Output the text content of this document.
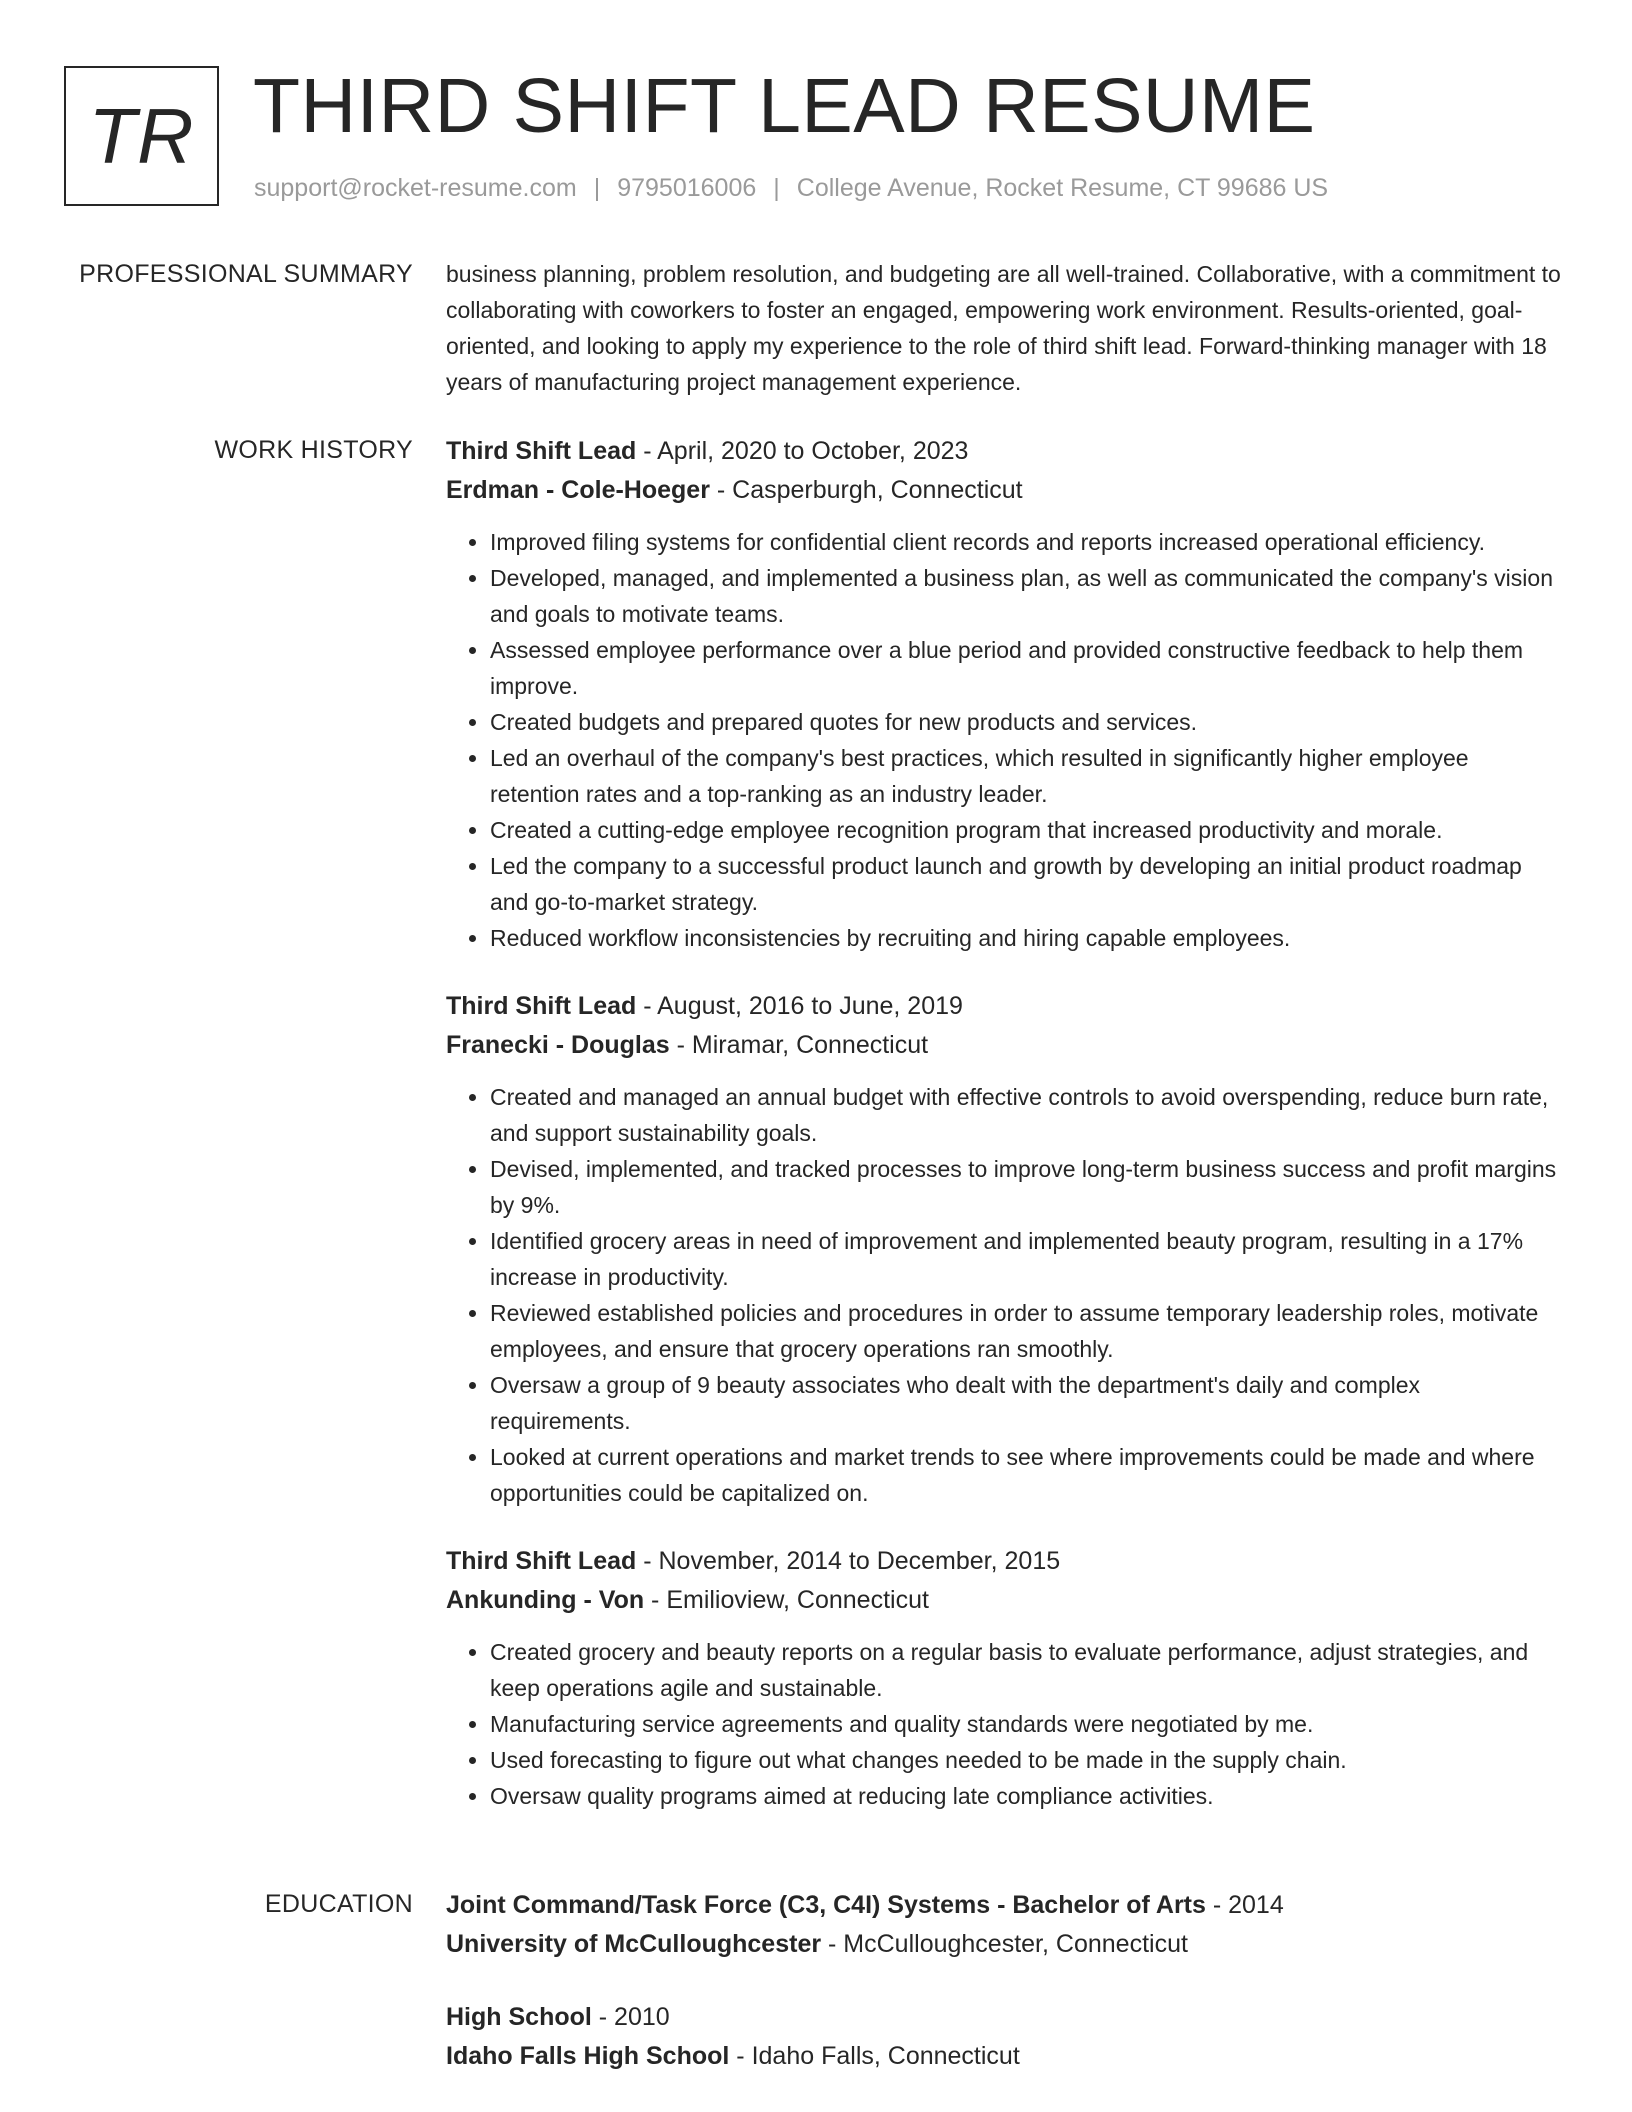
TR THIRD SHIFT LEAD RESUME
support@rocket-resume.com | 9795016006 | College Avenue, Rocket Resume, CT 99686 US
PROFESSIONAL SUMMARY business planning, problem resolution, and budgeting are all well-trained. Collaborative, with a commitment to collaborating with coworkers to foster an engaged, empowering work environment. Results-oriented, goal-oriented, and looking to apply my experience to the role of third shift lead. Forward-thinking manager with 18 years of manufacturing project management experience.

WORK HISTORY Third Shift Lead - April, 2020 to October, 2023
Erdman - Cole-Hoeger - Casperburgh, Connecticut
• Improved filing systems for confidential client records and reports increased operational efficiency.
• Developed, managed, and implemented a business plan, as well as communicated the company's vision and goals to motivate teams.
• Assessed employee performance over a blue period and provided constructive feedback to help them improve.
• Created budgets and prepared quotes for new products and services.
• Led an overhaul of the company's best practices, which resulted in significantly higher employee retention rates and a top-ranking as an industry leader.
• Created a cutting-edge employee recognition program that increased productivity and morale.
• Led the company to a successful product launch and growth by developing an initial product roadmap and go-to-market strategy.
• Reduced workflow inconsistencies by recruiting and hiring capable employees.
Third Shift Lead - August, 2016 to June, 2019
Franecki - Douglas - Miramar, Connecticut
• Created and managed an annual budget with effective controls to avoid overspending, reduce burn rate, and support sustainability goals.
• Devised, implemented, and tracked processes to improve long-term business success and profit margins by 9%.
• Identified grocery areas in need of improvement and implemented beauty program, resulting in a 17% increase in productivity.
• Reviewed established policies and procedures in order to assume temporary leadership roles, motivate employees, and ensure that grocery operations ran smoothly.
• Oversaw a group of 9 beauty associates who dealt with the department's daily and complex requirements.
• Looked at current operations and market trends to see where improvements could be made and where opportunities could be capitalized on.
Third Shift Lead - November, 2014 to December, 2015
Ankunding - Von - Emilioview, Connecticut
• Created grocery and beauty reports on a regular basis to evaluate performance, adjust strategies, and keep operations agile and sustainable.
• Manufacturing service agreements and quality standards were negotiated by me.
• Used forecasting to figure out what changes needed to be made in the supply chain.
• Oversaw quality programs aimed at reducing late compliance activities.
EDUCATION Joint Command/Task Force (C3, C4I) Systems - Bachelor of Arts - 2014
University of McCulloughcester - McCulloughcester, Connecticut
High School - 2010
Idaho Falls High School - Idaho Falls, Connecticut
